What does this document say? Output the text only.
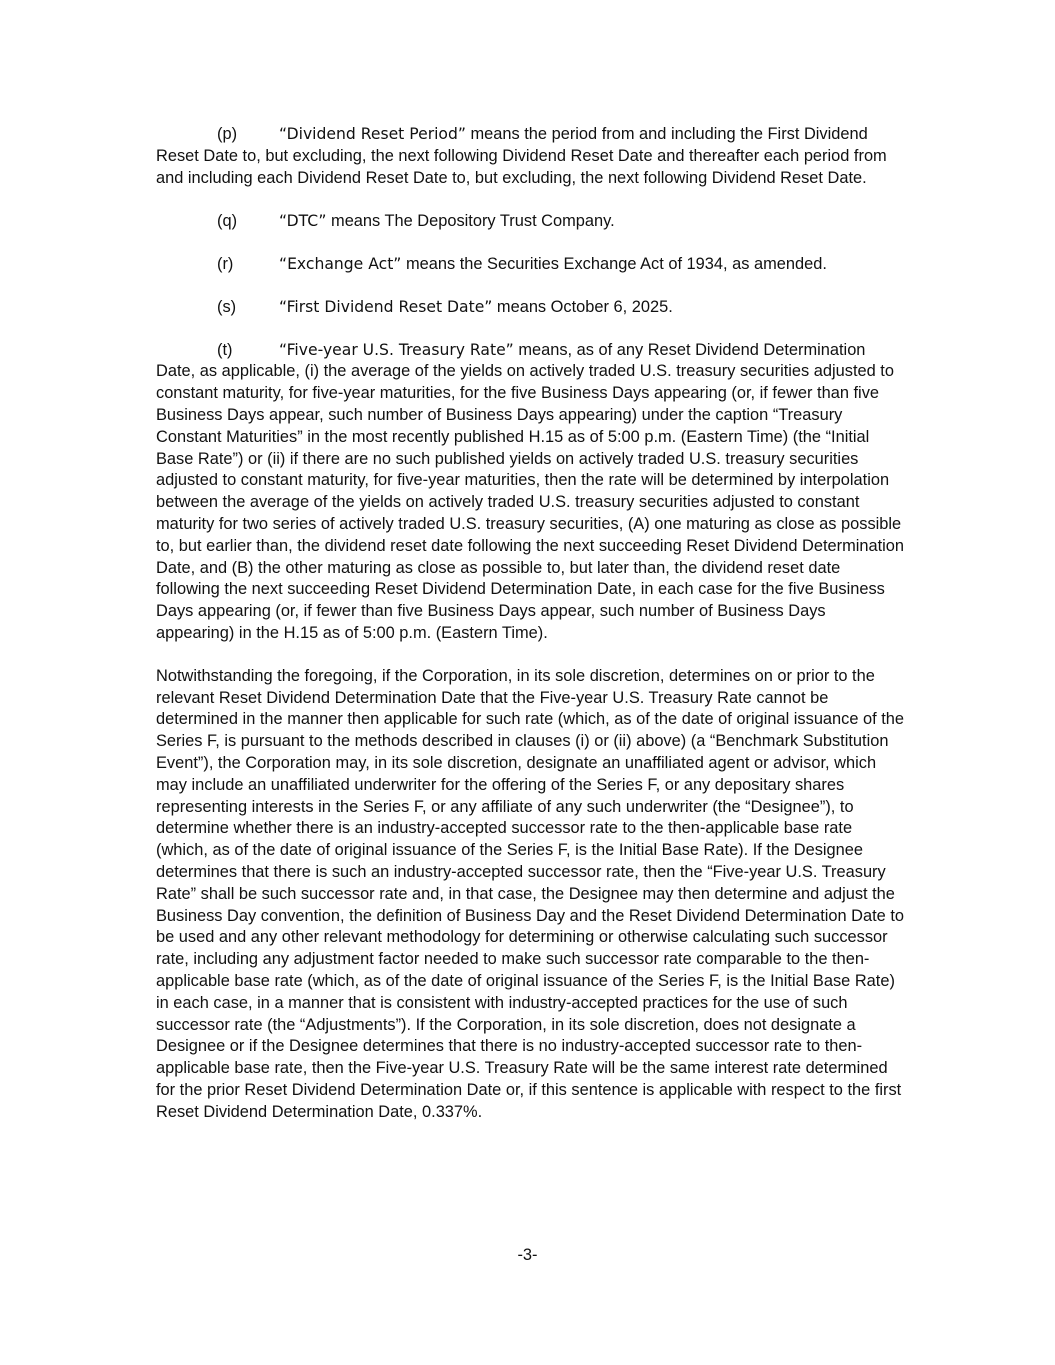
(p)	“Dividend Reset Period” means the period from and including the First Dividend Reset Date to, but excluding, the next following Dividend Reset Date and thereafter each period from and including each Dividend Reset Date to, but excluding, the next following Dividend Reset Date.

(q)	“DTC” means The Depository Trust Company.

(r)	“Exchange Act” means the Securities Exchange Act of 1934, as amended.

(s)	“First Dividend Reset Date” means October 6, 2025.

(t)	“Five-year U.S. Treasury Rate” means, as of any Reset Dividend Determination Date, as applicable, (i) the average of the yields on actively traded U.S. treasury securities adjusted to constant maturity, for five-year maturities, for the five Business Days appearing (or, if fewer than five Business Days appear, such number of Business Days appearing) under the caption “Treasury Constant Maturities” in the most recently published H.15 as of 5:00 p.m. (Eastern Time) (the “Initial Base Rate”) or (ii) if there are no such published yields on actively traded U.S. treasury securities adjusted to constant maturity, for five-year maturities, then the rate will be determined by interpolation between the average of the yields on actively traded U.S. treasury securities adjusted to constant maturity for two series of actively traded U.S. treasury securities, (A) one maturing as close as possible to, but earlier than, the dividend reset date following the next succeeding Reset Dividend Determination Date, and (B) the other maturing as close as possible to, but later than, the dividend reset date following the next succeeding Reset Dividend Determination Date, in each case for the five Business Days appearing (or, if fewer than five Business Days appear, such number of Business Days appearing) in the H.15 as of 5:00 p.m. (Eastern Time).

Notwithstanding the foregoing, if the Corporation, in its sole discretion, determines on or prior to the relevant Reset Dividend Determination Date that the Five-year U.S. Treasury Rate cannot be determined in the manner then applicable for such rate (which, as of the date of original issuance of the Series F, is pursuant to the methods described in clauses (i) or (ii) above) (a “Benchmark Substitution Event”), the Corporation may, in its sole discretion, designate an unaffiliated agent or advisor, which may include an unaffiliated underwriter for the offering of the Series F, or any depositary shares representing interests in the Series F, or any affiliate of any such underwriter (the “Designee”), to determine whether there is an industry-accepted successor rate to the then-applicable base rate (which, as of the date of original issuance of the Series F, is the Initial Base Rate). If the Designee determines that there is such an industry-accepted successor rate, then the “Five-year U.S. Treasury Rate” shall be such successor rate and, in that case, the Designee may then determine and adjust the Business Day convention, the definition of Business Day and the Reset Dividend Determination Date to be used and any other relevant methodology for determining or otherwise calculating such successor rate, including any adjustment factor needed to make such successor rate comparable to the then-applicable base rate (which, as of the date of original issuance of the Series F, is the Initial Base Rate) in each case, in a manner that is consistent with industry-accepted practices for the use of such successor rate (the “Adjustments”). If the Corporation, in its sole discretion, does not designate a Designee or if the Designee determines that there is no industry-accepted successor rate to then-applicable base rate, then the Five-year U.S. Treasury Rate will be the same interest rate determined for the prior Reset Dividend Determination Date or, if this sentence is applicable with respect to the first Reset Dividend Determination Date, 0.337%.

-3-
